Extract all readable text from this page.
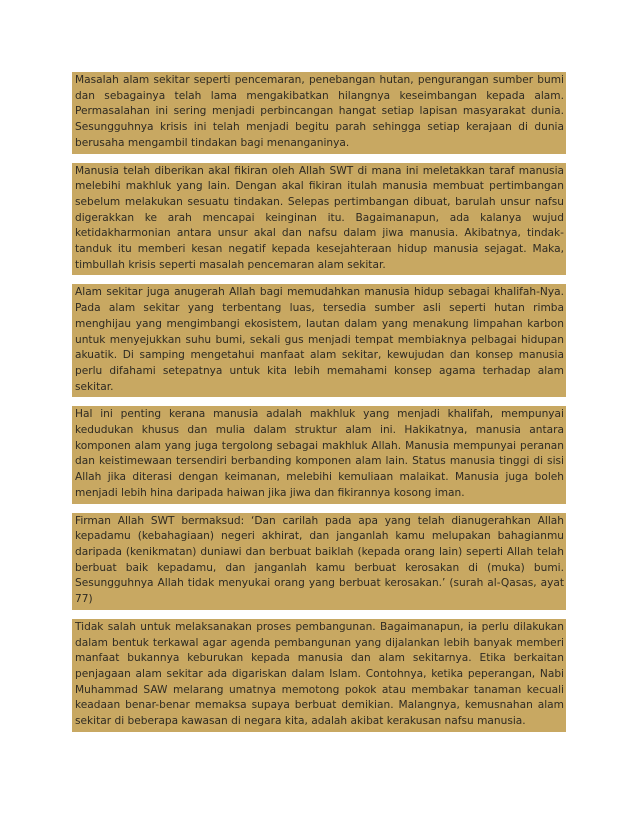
Masalah alam sekitar seperti pencemaran, penebangan hutan, pengurangan sumber bumi dan sebagainya telah lama mengakibatkan hilangnya keseimbangan kepada alam. Permasalahan ini sering menjadi perbincangan hangat setiap lapisan masyarakat dunia. Sesungguhnya krisis ini telah menjadi begitu parah sehingga setiap kerajaan di dunia berusaha mengambil tindakan bagi menanganinya.

Manusia telah diberikan akal fikiran oleh Allah SWT di mana ini meletakkan taraf manusia melebihi makhluk yang lain. Dengan akal fikiran itulah manusia membuat pertimbangan sebelum melakukan sesuatu tindakan. Selepas pertimbangan dibuat, barulah unsur nafsu digerakkan ke arah mencapai keinginan itu. Bagaimanapun, ada kalanya wujud ketidakharmonian antara unsur akal dan nafsu dalam jiwa manusia. Akibatnya, tindak-tanduk itu memberi kesan negatif kepada kesejahteraan hidup manusia sejagat. Maka, timbullah krisis seperti masalah pencemaran alam sekitar.

Alam sekitar juga anugerah Allah bagi memudahkan manusia hidup sebagai khalifah-Nya. Pada alam sekitar yang terbentang luas, tersedia sumber asli seperti hutan rimba menghijau yang mengimbangi ekosistem, lautan dalam yang menakung limpahan karbon untuk menyejukkan suhu bumi, sekali gus menjadi tempat membiaknya pelbagai hidupan akuatik. Di samping mengetahui manfaat alam sekitar, kewujudan dan konsep manusia perlu difahami setepatnya untuk kita lebih memahami konsep agama terhadap alam sekitar.

Hal ini penting kerana manusia adalah makhluk yang menjadi khalifah, mempunyai kedudukan khusus dan mulia dalam struktur alam ini. Hakikatnya, manusia antara komponen alam yang juga tergolong sebagai makhluk Allah. Manusia mempunyai peranan dan keistimewaan tersendiri berbanding komponen alam lain. Status manusia tinggi di sisi Allah jika diterasi dengan keimanan, melebihi kemuliaan malaikat. Manusia juga boleh menjadi lebih hina daripada haiwan jika jiwa dan fikirannya kosong iman.

Firman Allah SWT bermaksud: ‘Dan carilah pada apa yang telah dianugerahkan Allah kepadamu (kebahagiaan) negeri akhirat, dan janganlah kamu melupakan bahagianmu daripada (kenikmatan) duniawi dan berbuat baiklah (kepada orang lain) seperti Allah telah berbuat baik kepadamu, dan janganlah kamu berbuat kerosakan di (muka) bumi. Sesungguhnya Allah tidak menyukai orang yang berbuat kerosakan.’ (surah al-Qasas, ayat 77)

Tidak salah untuk melaksanakan proses pembangunan. Bagaimanapun, ia perlu dilakukan dalam bentuk terkawal agar agenda pembangunan yang dijalankan lebih banyak memberi manfaat bukannya keburukan kepada manusia dan alam sekitarnya. Etika berkaitan penjagaan alam sekitar ada digariskan dalam Islam. Contohnya, ketika peperangan, Nabi Muhammad SAW melarang umatnya memotong pokok atau membakar tanaman kecuali keadaan benar-benar memaksa supaya berbuat demikian. Malangnya, kemusnahan alam sekitar di beberapa kawasan di negara kita, adalah akibat kerakusan nafsu manusia.
